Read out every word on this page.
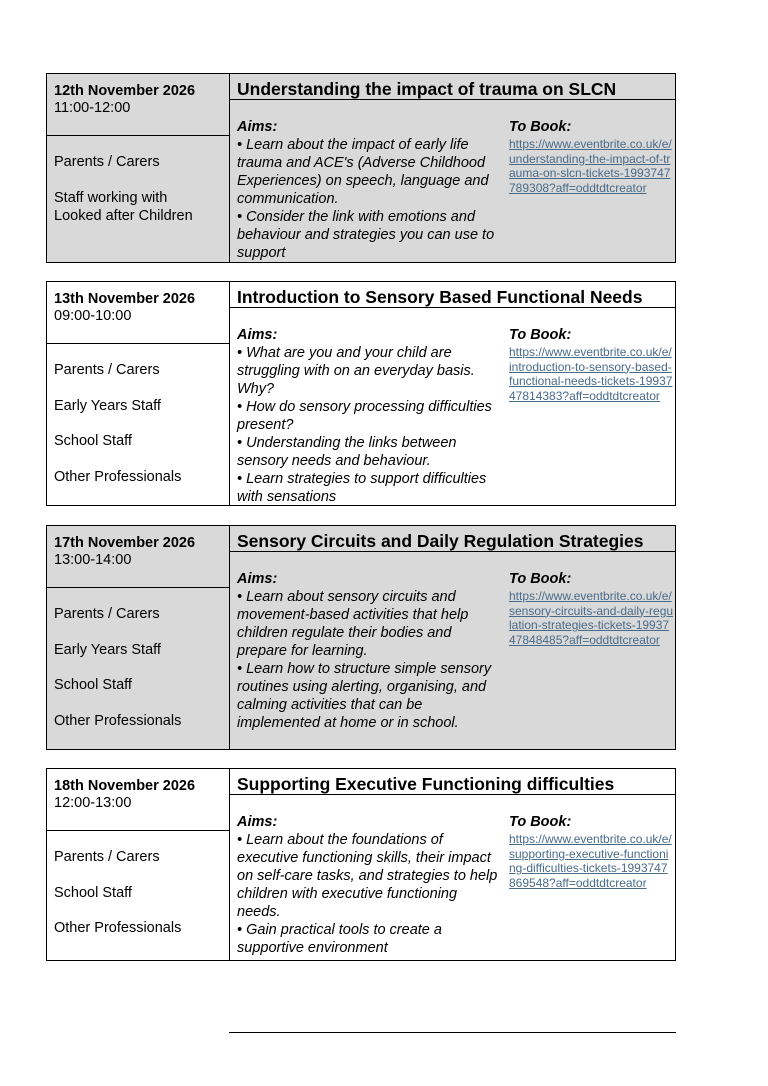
12th November 2026
11:00-12:00
Parents / Carers
Staff working with
Looked after Children
Understanding the impact of trauma on SLCN
Aims:
• Learn about the impact of early life trauma and ACE's (Adverse Childhood Experiences) on speech, language and communication.
• Consider the link with emotions and behaviour and strategies you can use to support
To Book:
https://www.eventbrite.co.uk/e/understanding-the-impact-of-trauma-on-slcn-tickets-1993747789308?aff=oddtdtcreator
13th November 2026
09:00-10:00
Parents / Carers
Early Years Staff
School Staff
Other Professionals
Introduction to Sensory Based Functional Needs
Aims:
• What are you and your child are struggling with on an everyday basis. Why?
• How do sensory processing difficulties present?
• Understanding the links between sensory needs and behaviour.
• Learn strategies to support difficulties with sensations
To Book:
https://www.eventbrite.co.uk/e/introduction-to-sensory-based-functional-needs-tickets-1993747814383?aff=oddtdtcreator
17th November 2026
13:00-14:00
Parents / Carers
Early Years Staff
School Staff
Other Professionals
Sensory Circuits and Daily Regulation Strategies
Aims:
• Learn about sensory circuits and movement-based activities that help children regulate their bodies and prepare for learning.
• Learn how to structure simple sensory routines using alerting, organising, and calming activities that can be implemented at home or in school.
To Book:
https://www.eventbrite.co.uk/e/sensory-circuits-and-daily-regulation-strategies-tickets-1993747848485?aff=oddtdtcreator
18th November 2026
12:00-13:00
Parents / Carers
School Staff
Other Professionals
Supporting Executive Functioning difficulties
Aims:
• Learn about the foundations of executive functioning skills, their impact on self-care tasks, and strategies to help children with executive functioning needs.
• Gain practical tools to create a supportive environment
To Book:
https://www.eventbrite.co.uk/e/supporting-executive-functioning-difficulties-tickets-1993747869548?aff=oddtdtcreator
